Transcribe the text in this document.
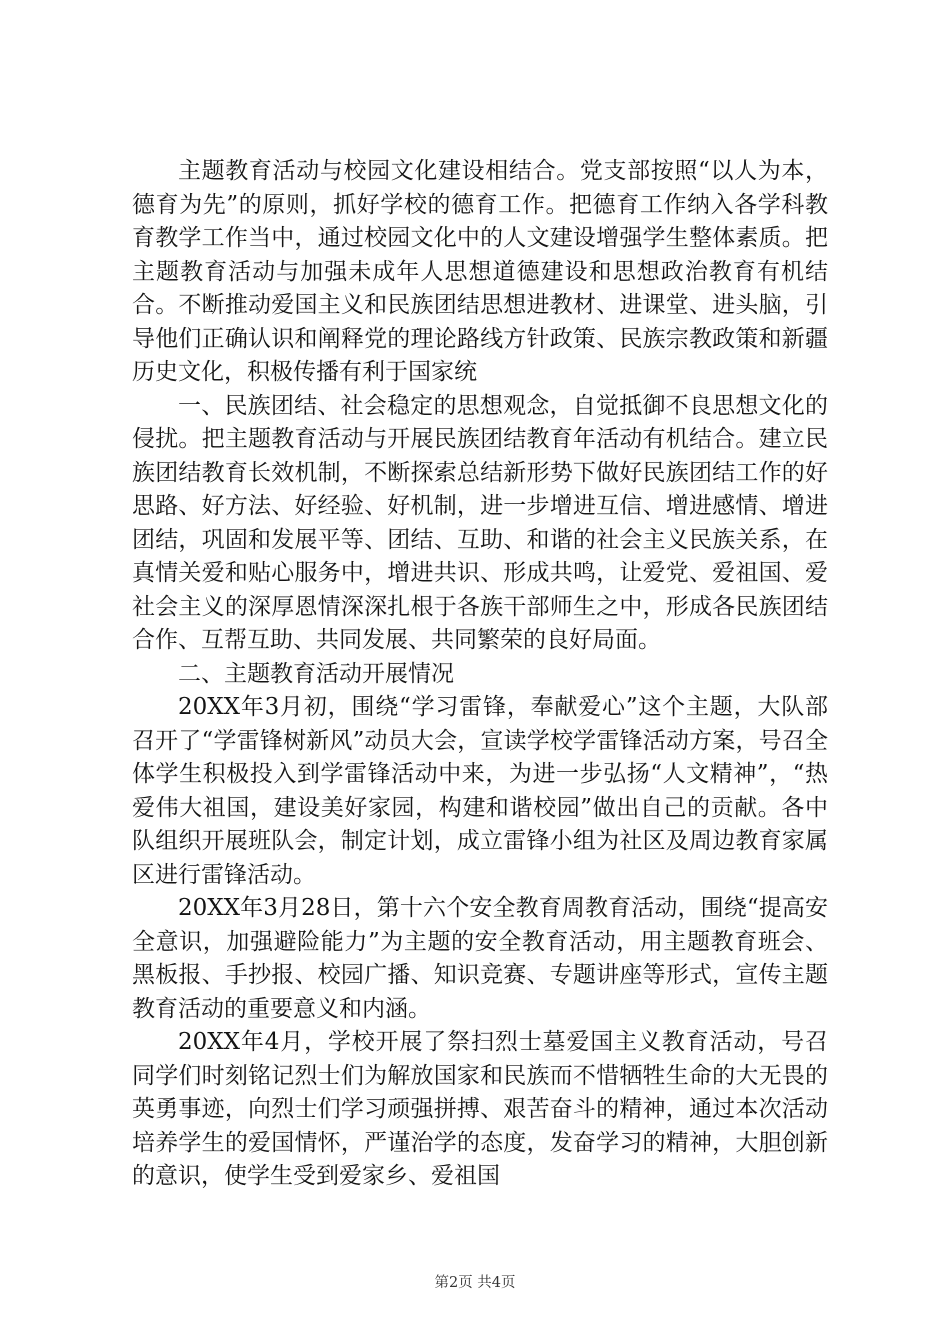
主题教育活动与校园文化建设相结合。党支部按照“以人为本，德育为先”的原则，抓好学校的德育工作。把德育工作纳入各学科教育教学工作当中，通过校园文化中的人文建设增强学生整体素质。把主题教育活动与加强未成年人思想道德建设和思想政治教育有机结合。不断推动爱国主义和民族团结思想进教材、进课堂、进头脑，引导他们正确认识和阐释党的理论路线方针政策、民族宗教政策和新疆历史文化，积极传播有利于国家统

一、民族团结、社会稳定的思想观念，自觉抵御不良思想文化的侵扰。把主题教育活动与开展民族团结教育年活动有机结合。建立民族团结教育长效机制，不断探索总结新形势下做好民族团结工作的好思路、好方法、好经验、好机制，进一步增进互信、增进感情、增进团结，巩固和发展平等、团结、互助、和谐的社会主义民族关系，在真情关爱和贴心服务中，增进共识、形成共鸣，让爱党、爱祖国、爱社会主义的深厚恩情深深扎根于各族干部师生之中，形成各民族团结合作、互帮互助、共同发展、共同繁荣的良好局面。

二、主题教育活动开展情况

20XX年3月初，围绕“学习雷锋，奉献爱心”这个主题，大队部召开了“学雷锋树新风”动员大会，宣读学校学雷锋活动方案，号召全体学生积极投入到学雷锋活动中来，为进一步弘扬“人文精神”，“热爱伟大祖国，建设美好家园，构建和谐校园”做出自己的贡献。各中队组织开展班队会，制定计划，成立雷锋小组为社区及周边教育家属区进行雷锋活动。

20XX年3月28日，第十六个安全教育周教育活动，围绕“提高安全意识，加强避险能力”为主题的安全教育活动，用主题教育班会、黑板报、手抄报、校园广播、知识竞赛、专题讲座等形式，宣传主题教育活动的重要意义和内涵。

20XX年4月，学校开展了祭扫烈士墓爱国主义教育活动，号召同学们时刻铭记烈士们为解放国家和民族而不惜牺牲生命的大无畏的英勇事迹，向烈士们学习顽强拼搏、艰苦奋斗的精神，通过本次活动培养学生的爱国情怀，严谨治学的态度，发奋学习的精神，大胆创新的意识，使学生受到爱家乡、爱祖国

第2页 共4页
